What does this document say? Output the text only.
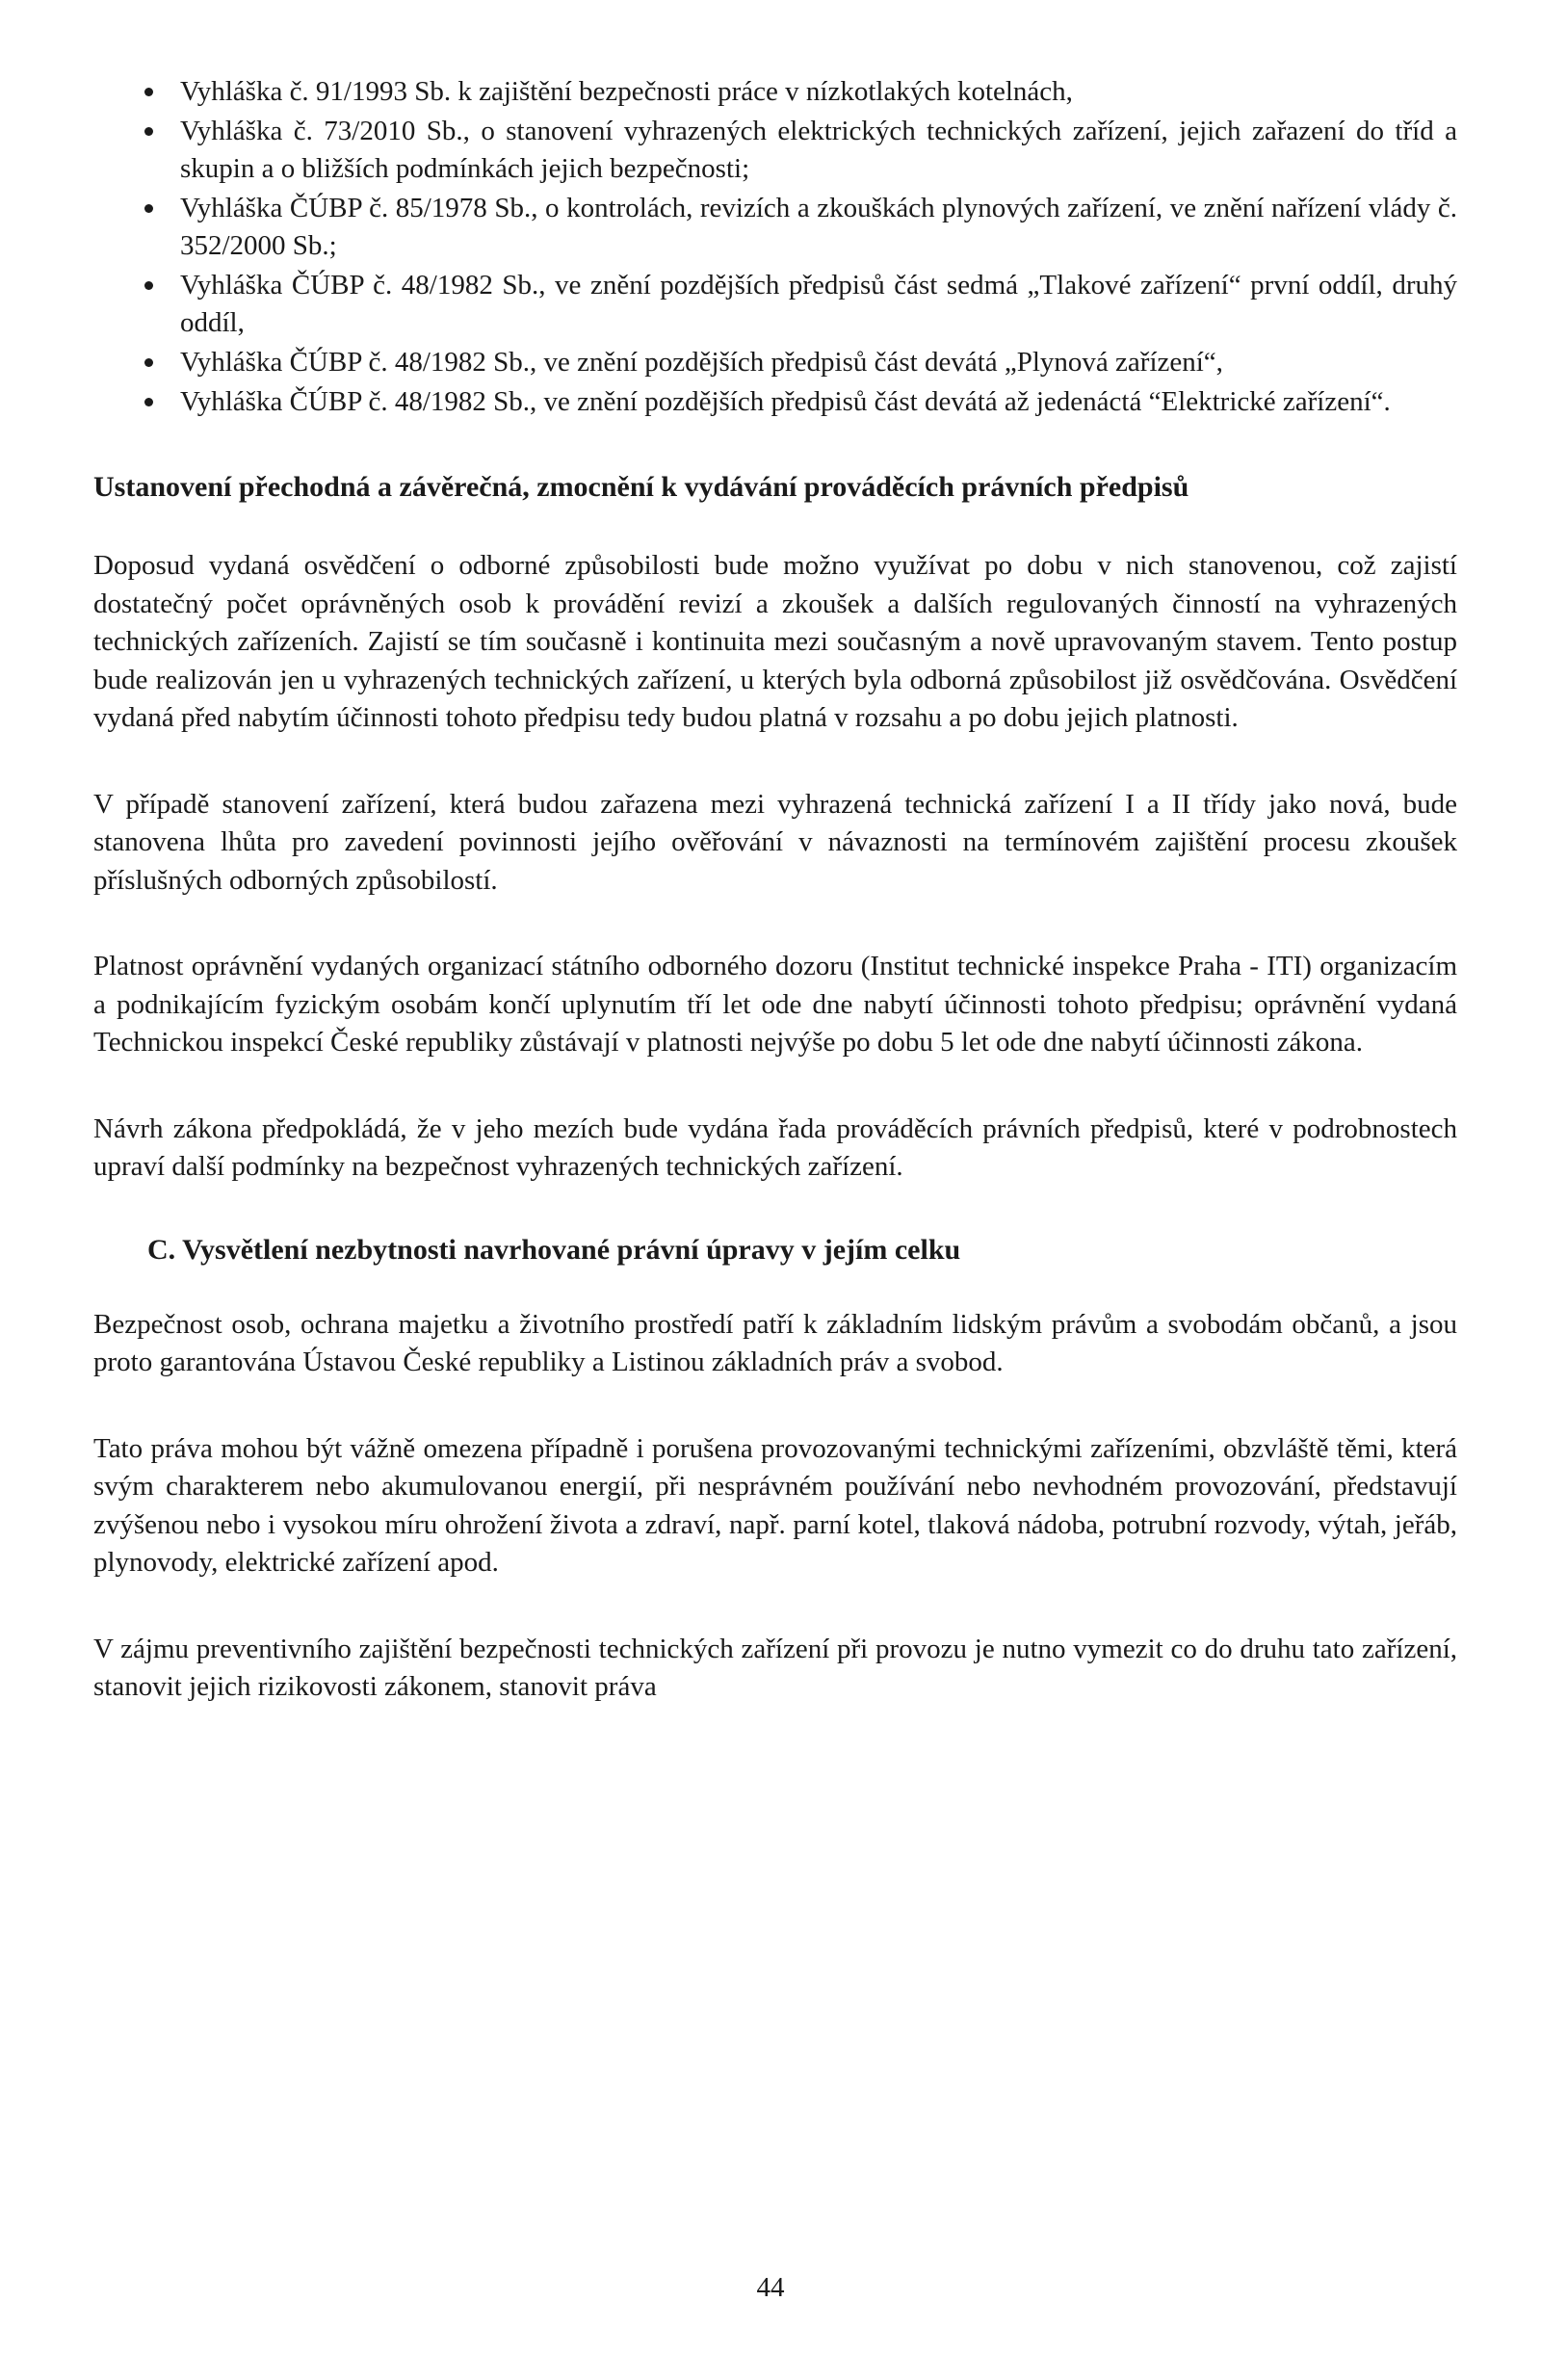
Vyhláška č. 91/1993 Sb. k zajištění bezpečnosti práce v nízkotlakých kotelnách,
Vyhláška č. 73/2010 Sb., o stanovení vyhrazených elektrických technických zařízení, jejich zařazení do tříd a skupin a o bližších podmínkách jejich bezpečnosti;
Vyhláška ČÚBP č. 85/1978 Sb., o kontrolách, revizích a zkouškách plynových zařízení, ve znění nařízení vlády č. 352/2000 Sb.;
Vyhláška ČÚBP č. 48/1982 Sb., ve znění pozdějších předpisů část sedmá „Tlakové zařízení“ první oddíl, druhý oddíl,
Vyhláška ČÚBP č. 48/1982 Sb., ve znění pozdějších předpisů část devátá „Plynová zařízení“,
Vyhláška ČÚBP č. 48/1982 Sb., ve znění pozdějších předpisů část devátá až jedenáctá “Elektrické zařízení“.
Ustanovení přechodná a závěrečná, zmocnění k vydávání prováděcích právních předpisů

Doposud vydaná osvědčení o odborné způsobilosti bude možno využívat po dobu v nich stanovenou, což zajistí dostatečný počet oprávněných osob k provádění revizí a zkoušek a dalších regulovaných činností na vyhrazených technických zařízeních. Zajistí se tím současně i kontinuita mezi současným a nově upravovaným stavem. Tento postup bude realizován jen u vyhrazených technických zařízení, u kterých byla odborná způsobilost již osvědčována. Osvědčení vydaná před nabytím účinnosti tohoto předpisu tedy budou platná v rozsahu a po dobu jejich platnosti.

V případě stanovení zařízení, která budou zařazena mezi vyhrazená technická zařízení I a II třídy jako nová, bude stanovena lhůta pro zavedení povinnosti jejího ověřování v návaznosti na termínovém zajištění procesu zkoušek příslušných odborných způsobilostí.

Platnost oprávnění vydaných organizací státního odborného dozoru (Institut technické inspekce Praha - ITI) organizacím a podnikajícím fyzickým osobám končí uplynutím tří let ode dne nabytí účinnosti tohoto předpisu; oprávnění vydaná Technickou inspekcí České republiky zůstávají v platnosti nejvýše po dobu 5 let ode dne nabytí účinnosti zákona.

Návrh zákona předpokládá, že v jeho mezích bude vydána řada prováděcích právních předpisů, které v podrobnostech upraví další podmínky na bezpečnost vyhrazených technických zařízení.

C. Vysvětlení nezbytnosti navrhované právní úpravy v jejím celku

Bezpečnost osob, ochrana majetku a životního prostředí patří k základním lidským právům a svobodám občanů, a jsou proto garantována Ústavou České republiky a Listinou základních práv a svobod.

Tato práva mohou být vážně omezena případně i porušena provozovanými technickými zařízeními, obzvláště těmi, která svým charakterem nebo akumulovanou energií, při nesprávném používání nebo nevhodném provozování, představují zvýšenou nebo i vysokou míru ohrožení života a zdraví, např. parní kotel, tlaková nádoba, potrubní rozvody, výtah, jeřáb, plynovody, elektrické zařízení apod.

V zájmu preventivního zajištění bezpečnosti technických zařízení při provozu je nutno vymezit co do druhu tato zařízení, stanovit jejich rizikovosti zákonem, stanovit práva

44
